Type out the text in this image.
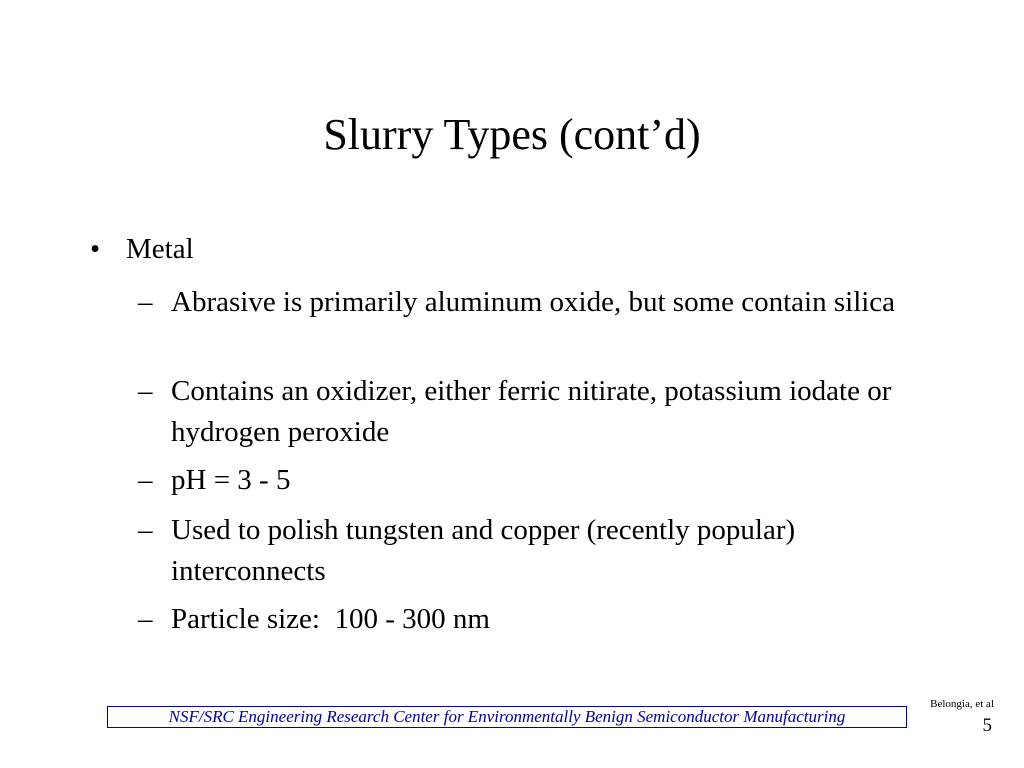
Slurry Types (cont’d)
• Metal
– Abrasive is primarily aluminum oxide, but some contain silica
– Contains an oxidizer, either ferric nitirate, potassium iodate or hydrogen peroxide
– pH = 3 - 5
– Used to polish tungsten and copper (recently popular) interconnects
– Particle size:  100 - 300 nm
NSF/SRC Engineering Research Center for Environmentally Benign Semiconductor Manufacturing
Belongia, et al
5
